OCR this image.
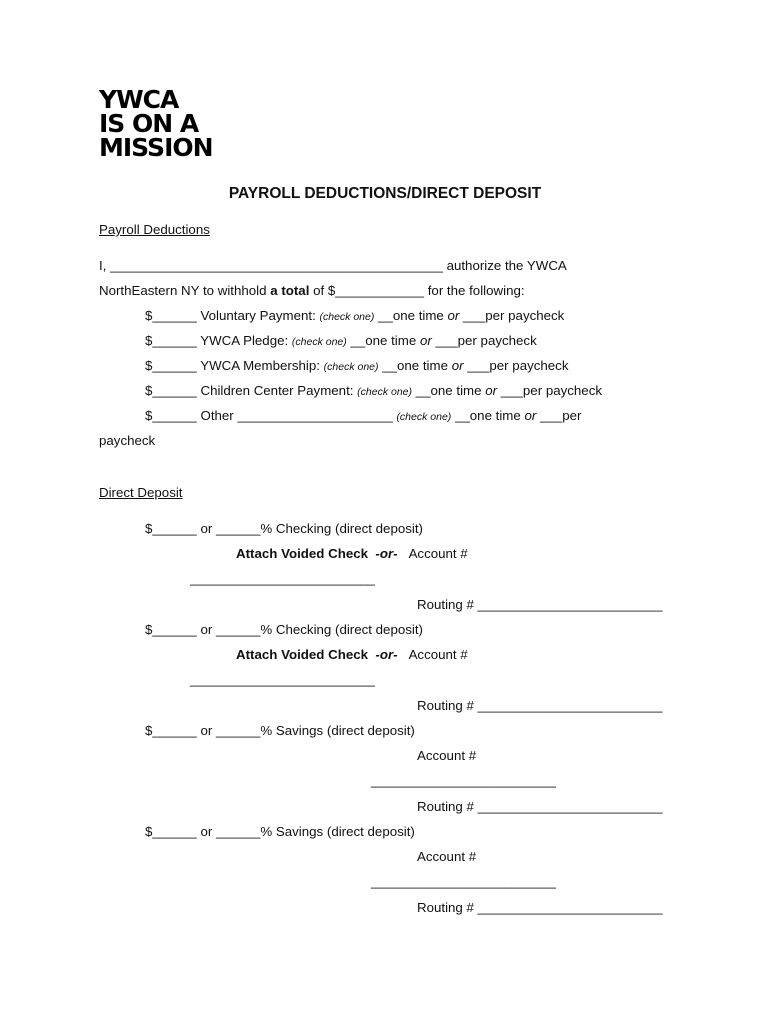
YWCA
IS ON A
MISSION
PAYROLL DEDUCTIONS/DIRECT DEPOSIT
Payroll Deductions
I, _____________________________________________ authorize the YWCA
NorthEastern NY to withhold a total of $____________ for the following:
$______ Voluntary Payment: (check one) __one time or ___per paycheck
$______ YWCA Pledge: (check one) __one time or ___per paycheck
$______ YWCA Membership: (check one) __one time or ___per paycheck
$______ Children Center Payment: (check one) __one time or ___per paycheck
$______ Other _____________________ (check one) __one time or ___per
paycheck
Direct Deposit
$______ or ______% Checking (direct deposit)
Attach Voided Check  -or- Account #
_________________________
Routing # _________________________
$______ or ______% Checking (direct deposit)
Attach Voided Check  -or- Account #
_________________________
Routing # _________________________
$______ or ______% Savings (direct deposit)
Account #
_________________________
Routing # _________________________
$______ or ______% Savings (direct deposit)
Account #
_________________________
Routing # _________________________
